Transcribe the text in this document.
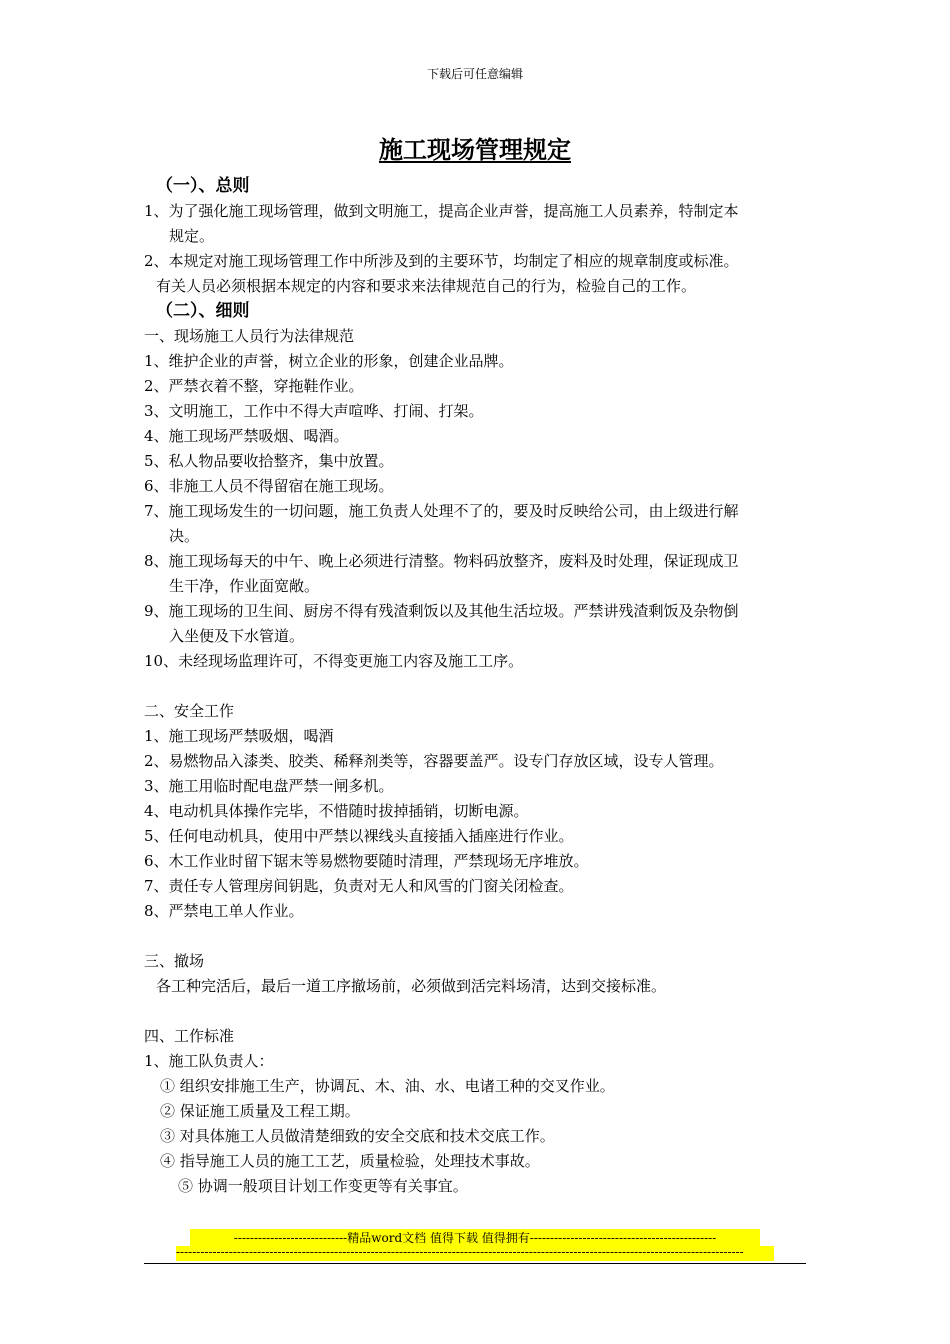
下载后可任意编辑
施工现场管理规定
（一）、总则
1、为了强化施工现场管理，做到文明施工，提高企业声誉，提高施工人员素养，特制定本
规定。
2、本规定对施工现场管理工作中所涉及到的主要环节，均制定了相应的规章制度或标准。
有关人员必须根据本规定的内容和要求来法律规范自己的行为，检验自己的工作。
（二）、细则
一、现场施工人员行为法律规范
1、维护企业的声誉，树立企业的形象，创建企业品牌。
2、严禁衣着不整，穿拖鞋作业。
3、文明施工，工作中不得大声喧哗、打闹、打架。
4、施工现场严禁吸烟、喝酒。
5、私人物品要收拾整齐，集中放置。
6、非施工人员不得留宿在施工现场。
7、施工现场发生的一切问题，施工负责人处理不了的，要及时反映给公司，由上级进行解
决。
8、施工现场每天的中午、晚上必须进行清整。物料码放整齐，废料及时处理，保证现成卫
生干净，作业面宽敞。
9、施工现场的卫生间、厨房不得有残渣剩饭以及其他生活垃圾。严禁讲残渣剩饭及杂物倒
入坐便及下水管道。
10、未经现场监理许可，不得变更施工内容及施工工序。
二、安全工作
1、施工现场严禁吸烟，喝酒
2、易燃物品入漆类、胶类、稀释剂类等，容器要盖严。设专门存放区域，设专人管理。
3、施工用临时配电盘严禁一闸多机。
4、电动机具体操作完毕，不惜随时拔掉插销，切断电源。
5、任何电动机具，使用中严禁以裸线头直接插入插座进行作业。
6、木工作业时留下锯末等易燃物要随时清理，严禁现场无序堆放。
7、责任专人管理房间钥匙，负责对无人和风雪的门窗关闭检查。
8、严禁电工单人作业。
三、撤场
各工种完活后，最后一道工序撤场前，必须做到活完料场清，达到交接标准。
四、工作标准
1、施工队负责人：
① 组织安排施工生产，协调瓦、木、油、水、电诸工种的交叉作业。
② 保证施工质量及工程工期。
③ 对具体施工人员做清楚细致的安全交底和技术交底工作。
④ 指导施工人员的施工工艺，质量检验，处理技术事故。
⑤ 协调一般项目计划工作变更等有关事宜。
----------------------------精品word文档 值得下载 值得拥有----------------------------------------------
--------------------------------------------------------------------------------------------------------------------------------------------
